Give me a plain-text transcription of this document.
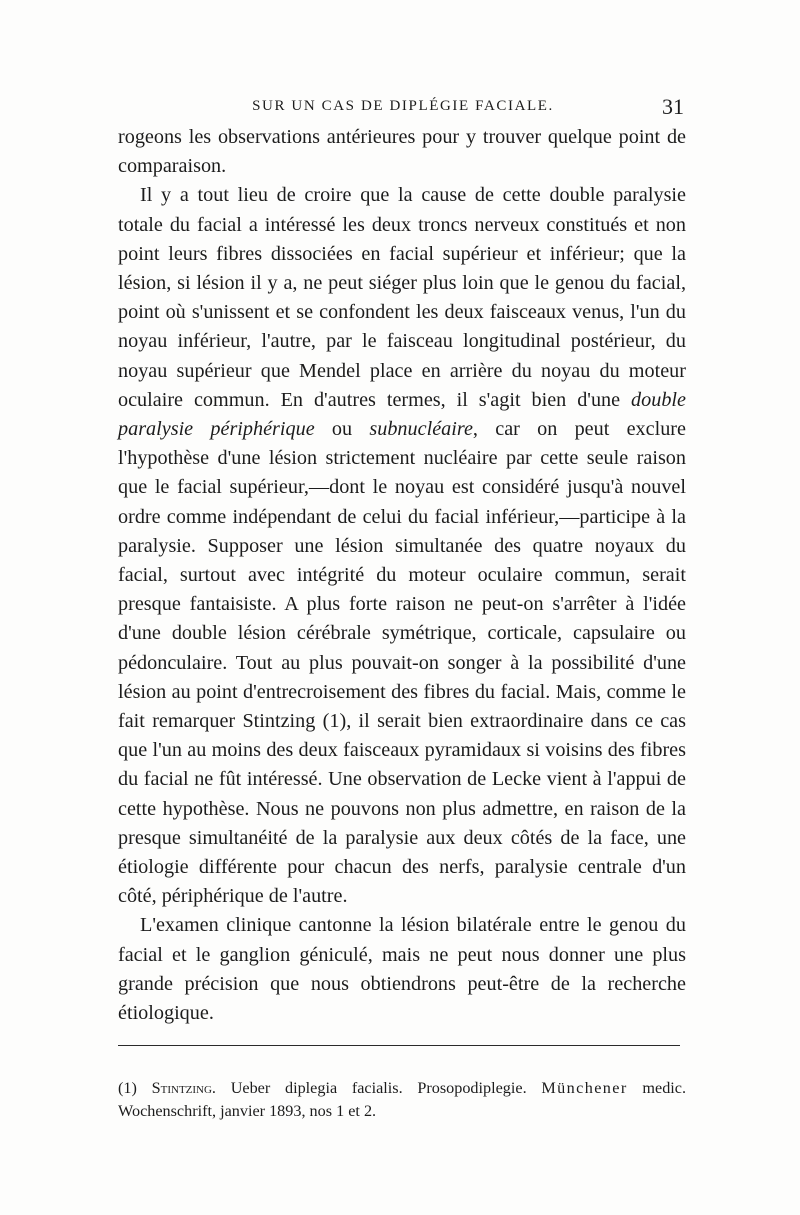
SUR UN CAS DE DIPLÉGIE FACIALE.	31

rogeons les observations antérieures pour y trouver quelque point de comparaison.

Il y a tout lieu de croire que la cause de cette double paralysie totale du facial a intéressé les deux troncs nerveux constitués et non point leurs fibres dissociées en facial supérieur et inférieur; que la lésion, si lésion il y a, ne peut siéger plus loin que le genou du facial, point où s'unissent et se confondent les deux faisceaux venus, l'un du noyau inférieur, l'autre, par le faisceau longitudinal postérieur, du noyau supérieur que Mendel place en arrière du noyau du moteur oculaire commun. En d'autres termes, il s'agit bien d'une double paralysie périphérique ou subnucléaire, car on peut exclure l'hypothèse d'une lésion strictement nucléaire par cette seule raison que le facial supérieur,—dont le noyau est considéré jusqu'à nouvel ordre comme indépendant de celui du facial inférieur,—participe à la paralysie. Supposer une lésion simultanée des quatre noyaux du facial, surtout avec intégrité du moteur oculaire commun, serait presque fantaisiste. A plus forte raison ne peut-on s'arrêter à l'idée d'une double lésion cérébrale symétrique, corticale, capsulaire ou pédonculaire. Tout au plus pouvait-on songer à la possibilité d'une lésion au point d'entrecroisement des fibres du facial. Mais, comme le fait remarquer Stintzing (1), il serait bien extraordinaire dans ce cas que l'un au moins des deux faisceaux pyramidaux si voisins des fibres du facial ne fût intéressé. Une observation de Lecke vient à l'appui de cette hypothèse. Nous ne pouvons non plus admettre, en raison de la presque simultanéité de la paralysie aux deux côtés de la face, une étiologie différente pour chacun des nerfs, paralysie centrale d'un côté, périphérique de l'autre.

L'examen clinique cantonne la lésion bilatérale entre le genou du facial et le ganglion géniculé, mais ne peut nous donner une plus grande précision que nous obtiendrons peut-être de la recherche étiologique.

(1) Stintzing. Ueber diplegia facialis. Prosopodiplegie. Münchener medic. Wochenschrift, janvier 1893, nos 1 et 2.
